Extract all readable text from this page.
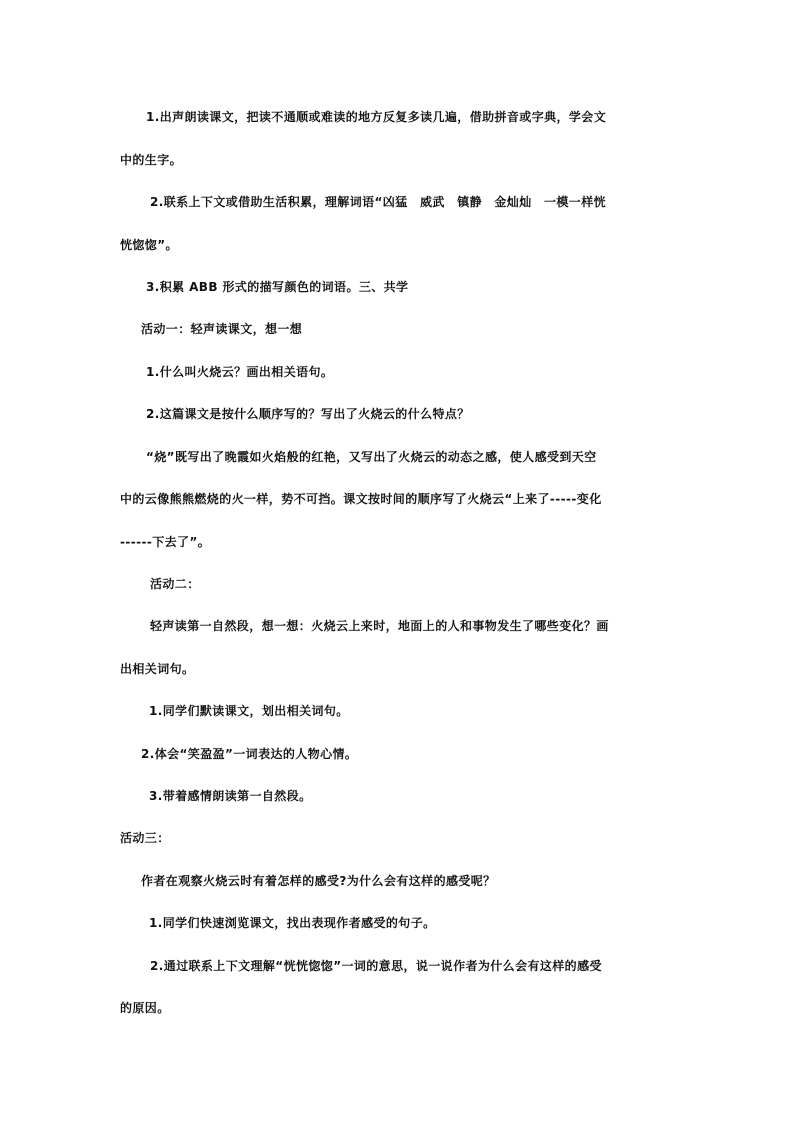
1.出声朗读课文，把读不通顺或难读的地方反复多读几遍，借助拼音或字典，学会文
中的生字。
2.联系上下文或借助生活积累，理解词语“凶猛　威武　镇静　金灿灿　一模一样恍
恍惚惚”。
3.积累 ABB 形式的描写颜色的词语。三、共学
活动一：轻声读课文，想一想
1.什么叫火烧云？画出相关语句。
2.这篇课文是按什么顺序写的？写出了火烧云的什么特点？
“烧”既写出了晚霞如火焰般的红艳，又写出了火烧云的动态之感，使人感受到天空
中的云像熊熊燃烧的火一样，势不可挡。课文按时间的顺序写了火烧云“上来了-----变化
------下去了”。
活动二：
轻声读第一自然段，想一想：火烧云上来时，地面上的人和事物发生了哪些变化？画
出相关词句。
1.同学们默读课文，划出相关词句。
2.体会“笑盈盈”一词表达的人物心情。
3.带着感情朗读第一自然段。
活动三：
作者在观察火烧云时有着怎样的感受?为什么会有这样的感受呢？
1.同学们快速浏览课文，找出表现作者感受的句子。
2.通过联系上下文理解“恍恍惚惚”一词的意思，说一说作者为什么会有这样的感受
的原因。
